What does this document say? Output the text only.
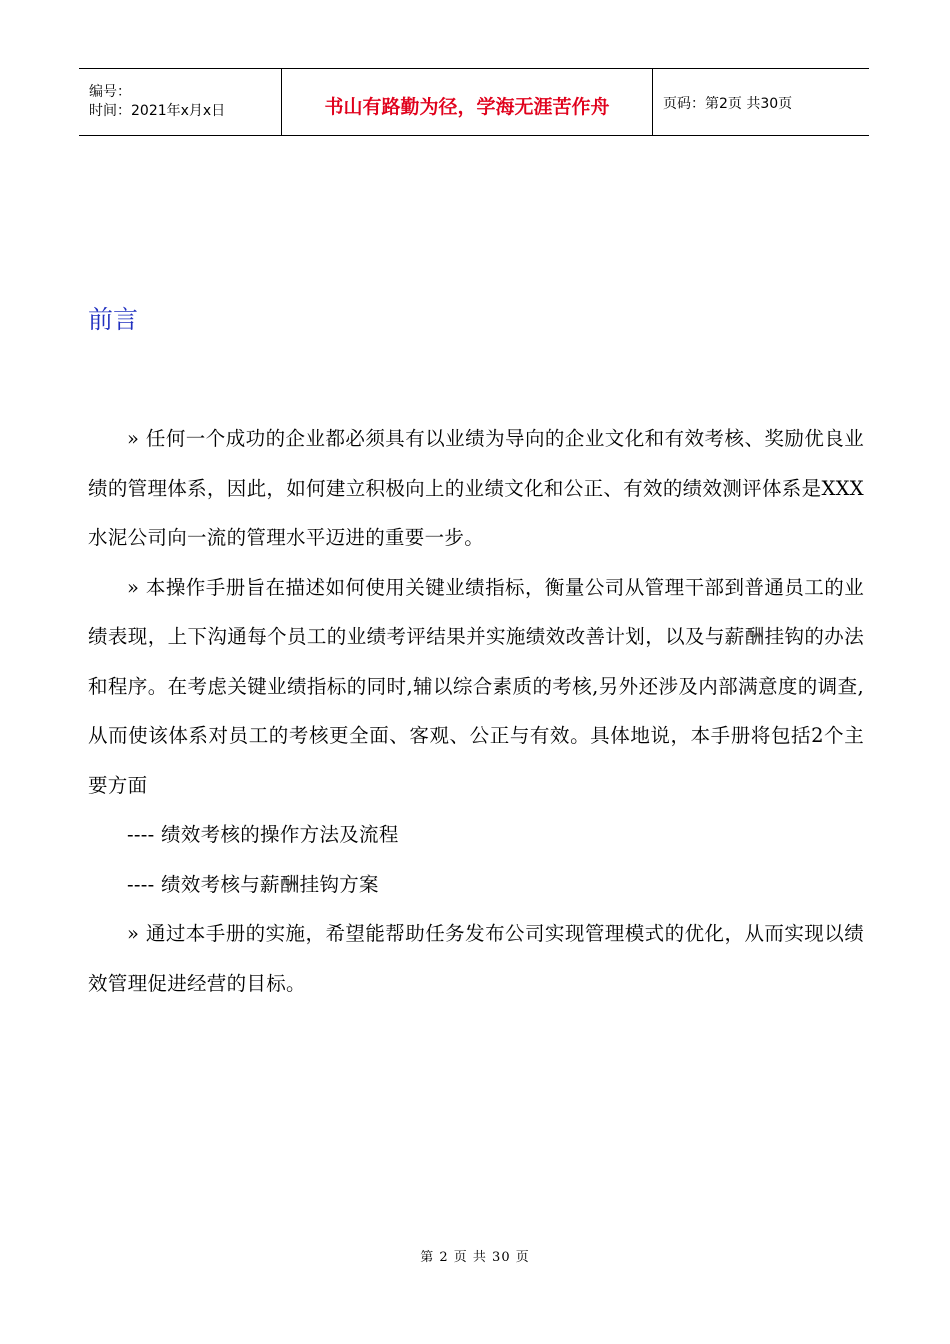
编号：
时间：2021年x月x日	书山有路勤为径，学海无涯苦作舟	页码：第2页 共30页
前言

» 任何一个成功的企业都必须具有以业绩为导向的企业文化和有效考核、奖励优良业绩的管理体系，因此，如何建立积极向上的业绩文化和公正、有效的绩效测评体系是XXX水泥公司向一流的管理水平迈进的重要一步。

» 本操作手册旨在描述如何使用关键业绩指标，衡量公司从管理干部到普通员工的业绩表现，上下沟通每个员工的业绩考评结果并实施绩效改善计划，以及与薪酬挂钩的办法和程序。在考虑关键业绩指标的同时,辅以综合素质的考核,另外还涉及内部满意度的调查,从而使该体系对员工的考核更全面、客观、公正与有效。具体地说，本手册将包括2个主要方面

---- 绩效考核的操作方法及流程

---- 绩效考核与薪酬挂钩方案

» 通过本手册的实施，希望能帮助任务发布公司实现管理模式的优化，从而实现以绩效管理促进经营的目标。

第 2 页 共 30 页
